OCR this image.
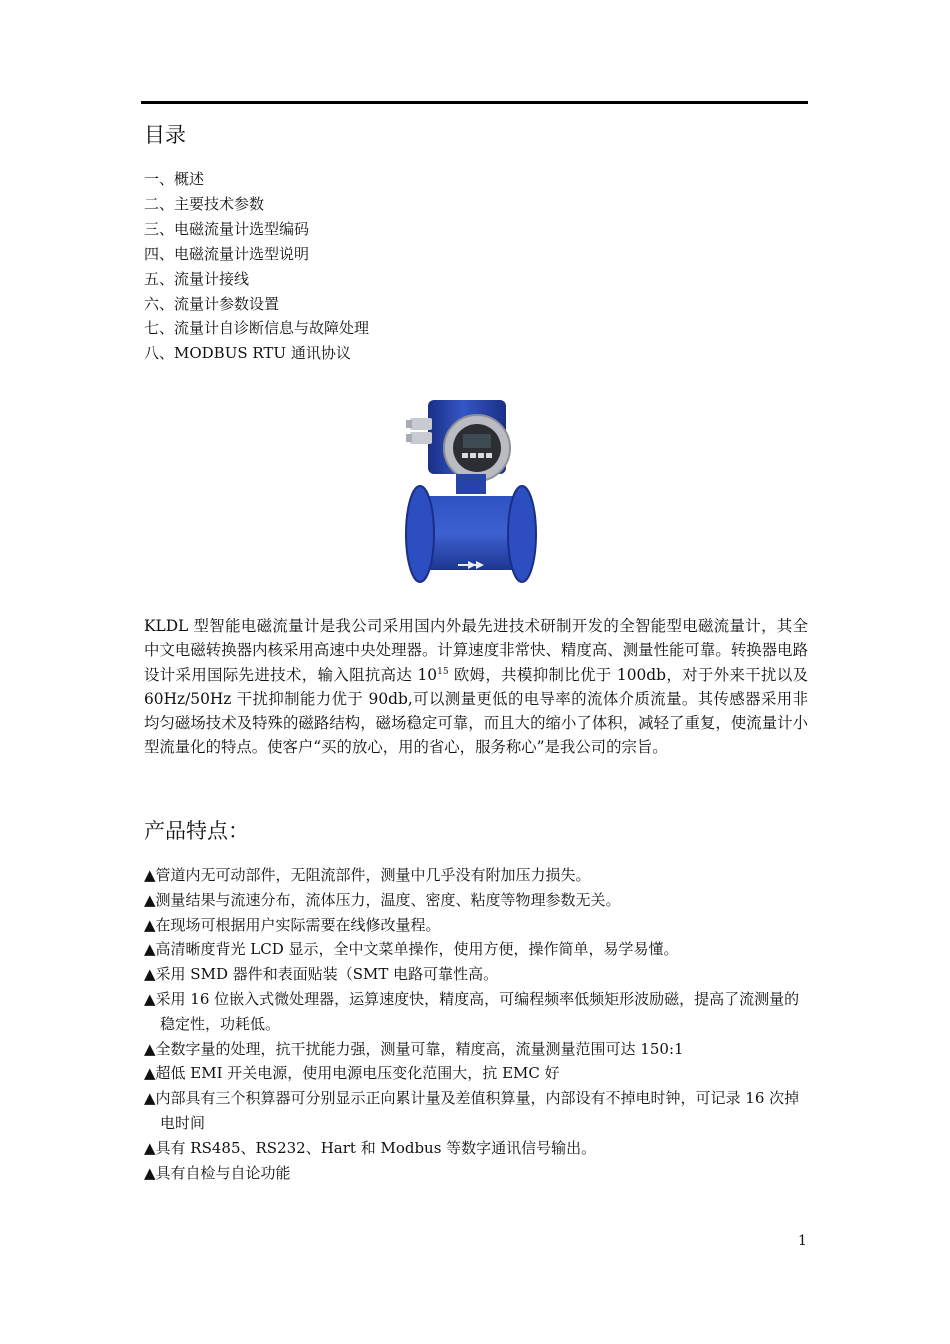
目录
一、概述
二、主要技术参数
三、电磁流量计选型编码
四、电磁流量计选型说明
五、流量计接线
六、流量计参数设置
七、流量计自诊断信息与故障处理
八、MODBUS RTU 通讯协议

KLDL 型智能电磁流量计是我公司采用国内外最先进技术研制开发的全智能型电磁流量计，其全中文电磁转换器内核采用高速中央处理器。计算速度非常快、精度高、测量性能可靠。转换器电路设计采用国际先进技术，输入阻抗高达 $10^{15}$ 欧姆，共模抑制比优于 100db，对于外来干扰以及 60Hz/50Hz 干扰抑制能力优于 90db,可以测量更低的电导率的流体介质流量。其传感器采用非均匀磁场技术及特殊的磁路结构，磁场稳定可靠，而且大的缩小了体积，减轻了重复，使流量计小型流量化的特点。使客户“买的放心，用的省心，服务称心”是我公司的宗旨。

产品特点：
▲管道内无可动部件，无阻流部件，测量中几乎没有附加压力损失。
▲测量结果与流速分布，流体压力，温度、密度、粘度等物理参数无关。
▲在现场可根据用户实际需要在线修改量程。
▲高清晰度背光 LCD 显示，全中文菜单操作，使用方便，操作简单，易学易懂。
▲采用 SMD 器件和表面贴装（SMT 电路可靠性高。
▲采用 16 位嵌入式微处理器，运算速度快，精度高，可编程频率低频矩形波励磁，提高了流测量的稳定性，功耗低。
▲全数字量的处理，抗干扰能力强，测量可靠，精度高，流量测量范围可达 150:1
▲超低 EMI 开关电源，使用电源电压变化范围大，抗 EMC 好
▲内部具有三个积算器可分别显示正向累计量及差值积算量，内部设有不掉电时钟，可记录 16 次掉电时间
▲具有 RS485、RS232、Hart 和 Modbus 等数字通讯信号输出。
▲具有自检与自论功能
1
